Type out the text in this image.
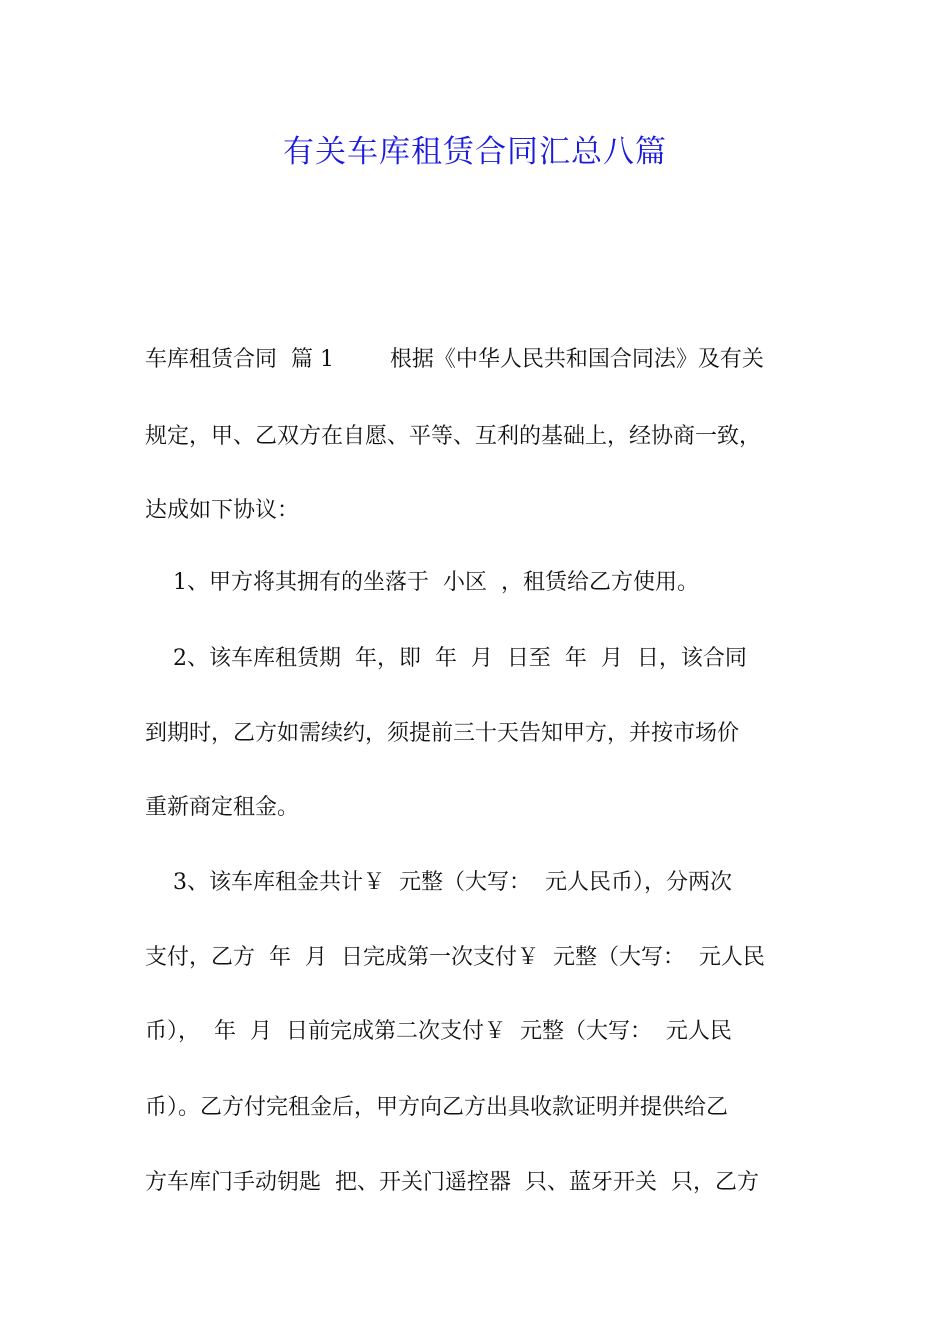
有关车库租赁合同汇总八篇

车库租赁合同  篇 1        根据《中华人民共和国合同法》及有关

规定，甲、乙双方在自愿、平等、互利的基础上，经协商一致，

达成如下协议：

1、甲方将其拥有的坐落于  小区  ，租赁给乙方使用。

2、该车库租赁期  年，即  年  月  日至  年  月  日，该合同

到期时，乙方如需续约，须提前三十天告知甲方，并按市场价

重新商定租金。

3、该车库租金共计￥  元整（大写：  元人民币），分两次

支付，乙方  年  月  日完成第一次支付￥  元整（大写：  元人民

币），  年  月  日前完成第二次支付￥  元整（大写：  元人民

币）。乙方付完租金后，甲方向乙方出具收款证明并提供给乙

方车库门手动钥匙  把、开关门遥控器  只、蓝牙开关  只，乙方
